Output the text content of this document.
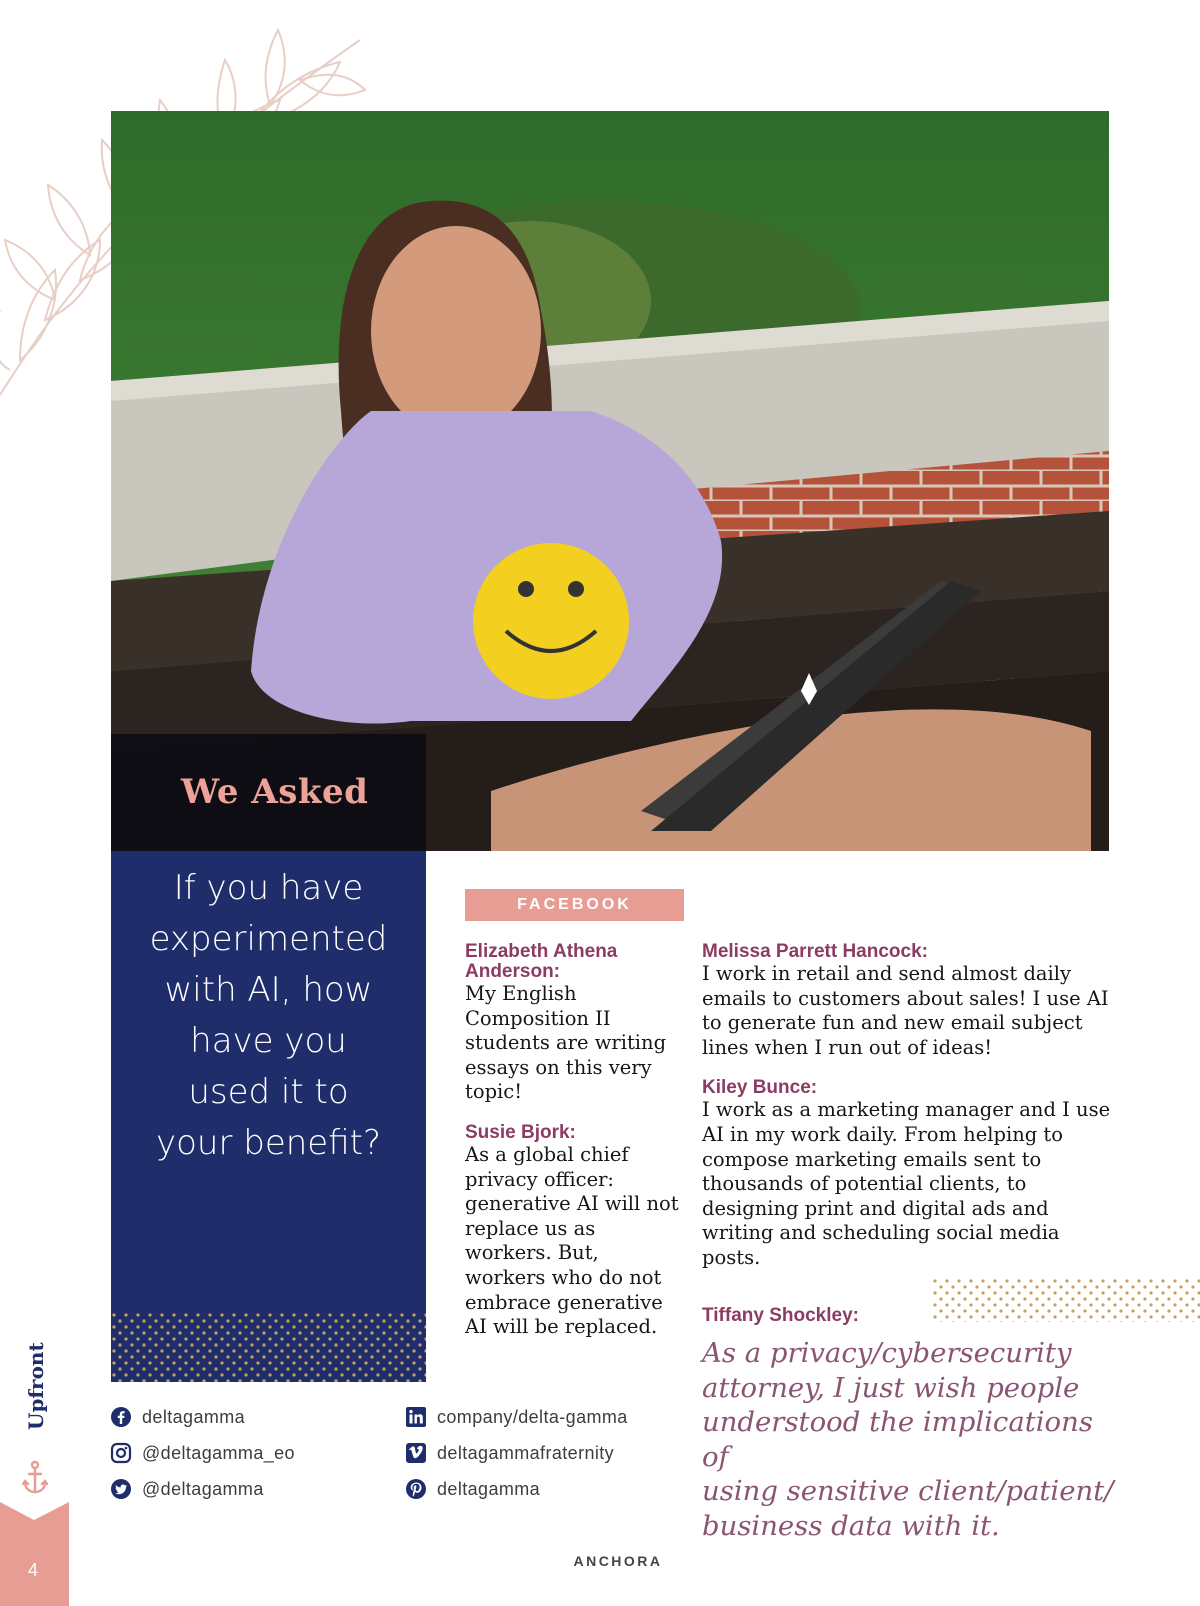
We Asked
If you have
experimented
with AI, how
have you
used it to
your benefit?
FACEBOOK
Elizabeth Athena Anderson:
My English Composition II students are writing essays on this very topic!
Susie Bjork:
As a global chief privacy officer: generative AI will not replace us as workers. But, workers who do not embrace generative AI will be replaced.
Melissa Parrett Hancock:
I work in retail and send almost daily emails to customers about sales! I use AI to generate fun and new email subject lines when I run out of ideas!
Kiley Bunce:
I work as a marketing manager and I use AI in my work daily. From helping to compose marketing emails sent to thousands of potential clients, to designing print and digital ads and writing and scheduling social media posts.
Tiffany Shockley:
As a privacy/cybersecurity
attorney, I just wish people
understood the implications of
using sensitive client/patient/
business data with it.
deltagamma
@deltagamma_eo
@deltagamma
company/delta-gamma
deltagammafraternity
deltagamma
Upfront
4	ANCHORA
